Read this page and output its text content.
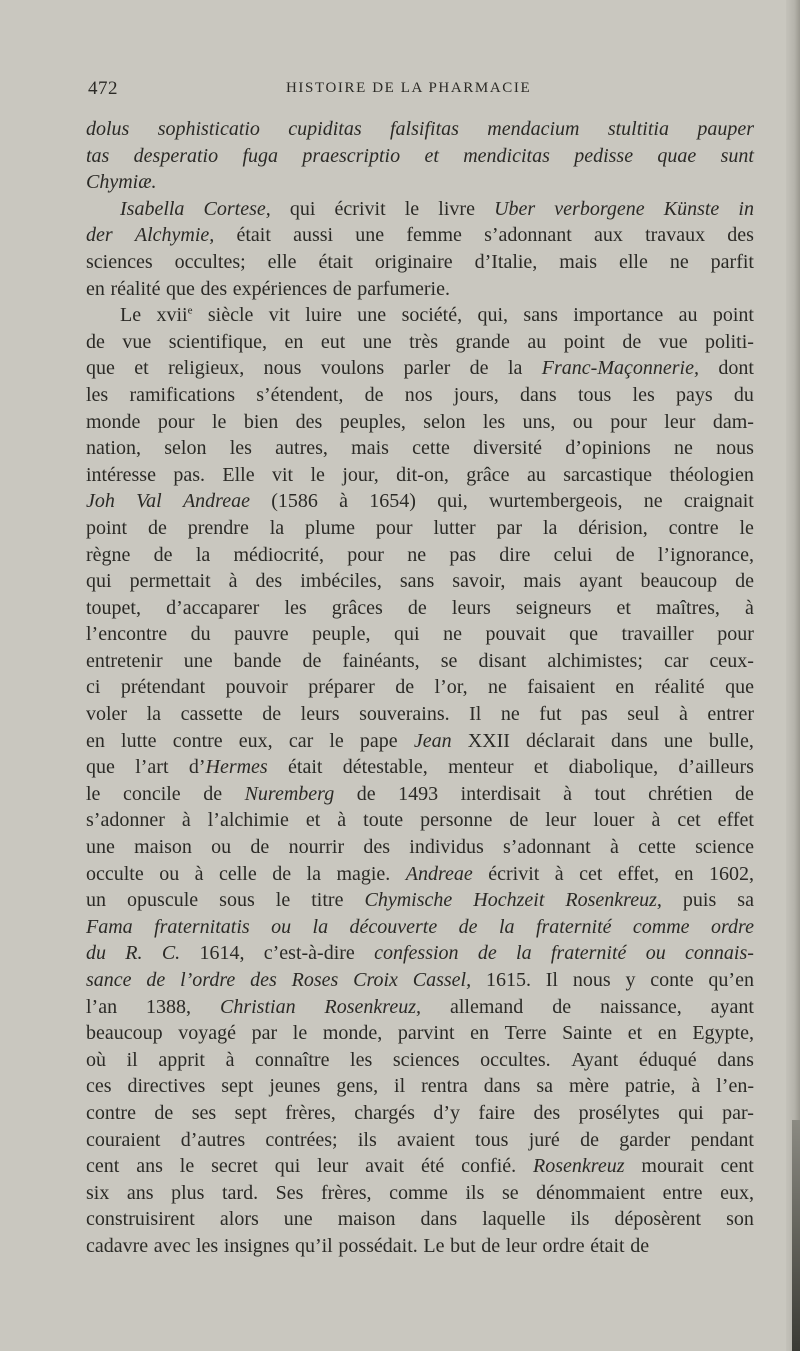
472	HISTOIRE DE LA PHARMACIE
dolus sophisticatio cupiditas falsifitas mendacium stultitia pauper
tas desperatio fuga praescriptio et mendicitas pedisse quae sunt
Chymiæ.
Isabella Cortese, qui écrivit le livre Uber verborgene Künste in
der Alchymie, était aussi une femme s’adonnant aux travaux des
sciences occultes; elle était originaire d’Italie, mais elle ne parfit
en réalité que des expériences de parfumerie.
Le xvii$^e$ siècle vit luire une société, qui, sans importance au point
de vue scientifique, en eut une très grande au point de vue politi-
que et religieux, nous voulons parler de la Franc-Maçonnerie, dont
les ramifications s’étendent, de nos jours, dans tous les pays du
monde pour le bien des peuples, selon les uns, ou pour leur dam-
nation, selon les autres, mais cette diversité d’opinions ne nous
intéresse pas. Elle vit le jour, dit-on, grâce au sarcastique théologien
Joh Val Andreae (1586 à 1654) qui, wurtembergeois, ne craignait
point de prendre la plume pour lutter par la dérision, contre le
règne de la médiocrité, pour ne pas dire celui de l’ignorance,
qui permettait à des imbéciles, sans savoir, mais ayant beaucoup de
toupet, d’accaparer les grâces de leurs seigneurs et maîtres, à
l’encontre du pauvre peuple, qui ne pouvait que travailler pour
entretenir une bande de fainéants, se disant alchimistes; car ceux-
ci prétendant pouvoir préparer de l’or, ne faisaient en réalité que
voler la cassette de leurs souverains. Il ne fut pas seul à entrer
en lutte contre eux, car le pape Jean XXII déclarait dans une bulle,
que l’art d’Hermes était détestable, menteur et diabolique, d’ailleurs
le concile de Nuremberg de 1493 interdisait à tout chrétien de
s’adonner à l’alchimie et à toute personne de leur louer à cet effet
une maison ou de nourrir des individus s’adonnant à cette science
occulte ou à celle de la magie. Andreae écrivit à cet effet, en 1602,
un opuscule sous le titre Chymische Hochzeit Rosenkreuz, puis sa
Fama fraternitatis ou la découverte de la fraternité comme ordre
du R. C. 1614, c’est-à-dire confession de la fraternité ou connais-
sance de l’ordre des Roses Croix Cassel, 1615. Il nous y conte qu’en
l’an 1388, Christian Rosenkreuz, allemand de naissance, ayant
beaucoup voyagé par le monde, parvint en Terre Sainte et en Egypte,
où il apprit à connaître les sciences occultes. Ayant éduqué dans
ces directives sept jeunes gens, il rentra dans sa mère patrie, à l’en-
contre de ses sept frères, chargés d’y faire des prosélytes qui par-
couraient d’autres contrées; ils avaient tous juré de garder pendant
cent ans le secret qui leur avait été confié. Rosenkreuz mourait cent
six ans plus tard. Ses frères, comme ils se dénommaient entre eux,
construisirent alors une maison dans laquelle ils déposèrent son
cadavre avec les insignes qu’il possédait. Le but de leur ordre était de
